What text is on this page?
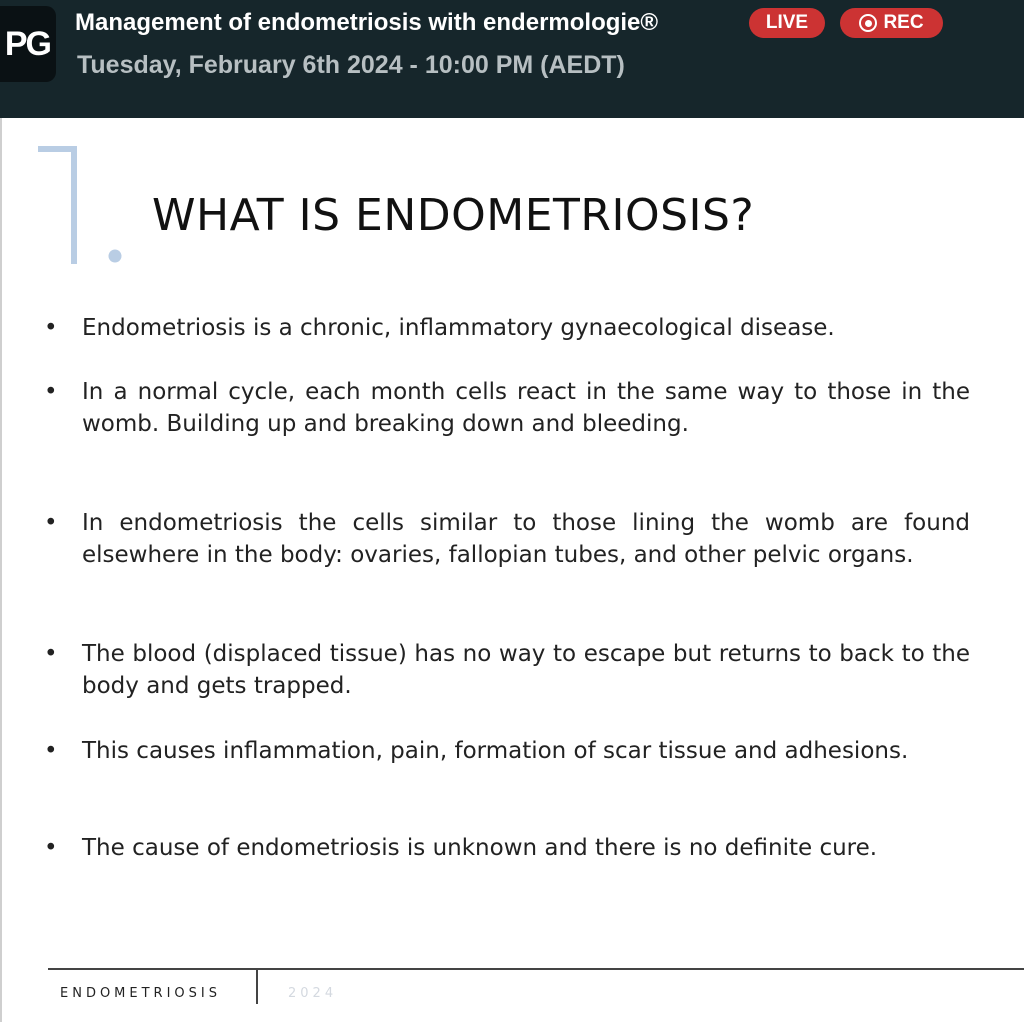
PG
Management of endometriosis with endermologie®	LIVE	REC
Tuesday, February 6th 2024 - 10:00 PM (AEDT)
WHAT IS ENDOMETRIOSIS?
• Endometriosis is a chronic, inflammatory gynaecological disease.
• In a normal cycle, each month cells react in the same way to those in the womb. Building up and breaking down and bleeding.
• In endometriosis the cells similar to those lining the womb are found elsewhere in the body: ovaries, fallopian tubes, and other pelvic organs.
• The blood (displaced tissue) has no way to escape but returns to back to the body and gets trapped.
• This causes inflammation, pain, formation of scar tissue and adhesions.
• The cause of endometriosis is unknown and there is no definite cure.
ENDOMETRIOSIS	2024
